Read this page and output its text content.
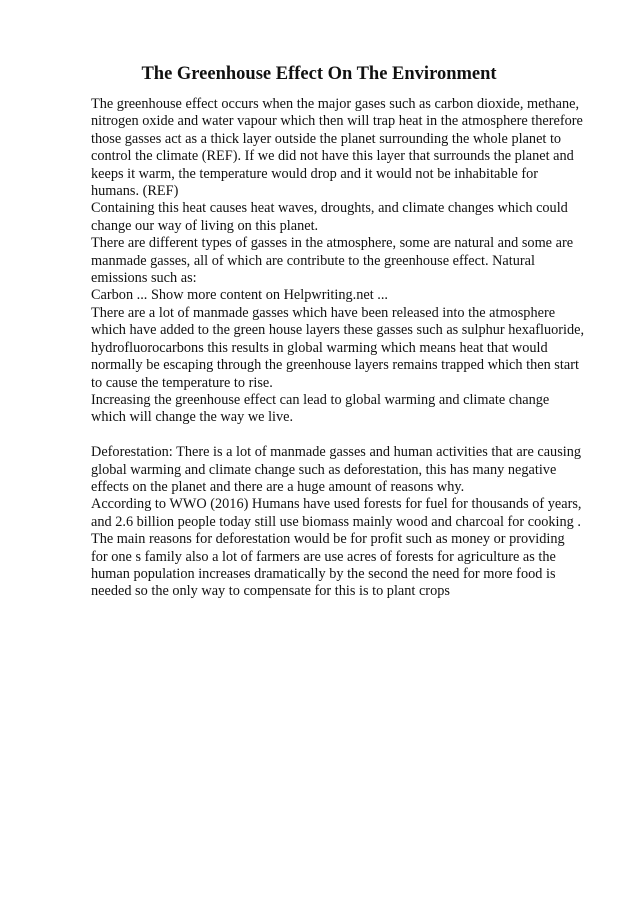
The Greenhouse Effect On The Environment

The greenhouse effect occurs when the major gases such as carbon dioxide, methane,
nitrogen oxide and water vapour which then will trap heat in the atmosphere therefore
those gasses act as a thick layer outside the planet surrounding the whole planet to
control the climate (REF). If we did not have this layer that surrounds the planet and
keeps it warm, the temperature would drop and it would not be inhabitable for
humans. (REF)

Containing this heat causes heat waves, droughts, and climate changes which could
change our way of living on this planet.

There are different types of gasses in the atmosphere, some are natural and some are
manmade gasses, all of which are contribute to the greenhouse effect. Natural
emissions such as:

Carbon ... Show more content on Helpwriting.net ...

There are a lot of manmade gasses which have been released into the atmosphere
which have added to the green house layers these gasses such as sulphur hexafluoride,
hydrofluorocarbons this results in global warming which means heat that would
normally be escaping through the greenhouse layers remains trapped which then start
to cause the temperature to rise.

Increasing the greenhouse effect can lead to global warming and climate change
which will change the way we live.

Deforestation: There is a lot of manmade gasses and human activities that are causing
global warming and climate change such as deforestation, this has many negative
effects on the planet and there are a huge amount of reasons why.

According to WWO (2016) Humans have used forests for fuel for thousands of years,
and 2.6 billion people today still use biomass mainly wood and charcoal for cooking .
The main reasons for deforestation would be for profit such as money or providing
for one s family also a lot of farmers are use acres of forests for agriculture as the
human population increases dramatically by the second the need for more food is
needed so the only way to compensate for this is to plant crops
